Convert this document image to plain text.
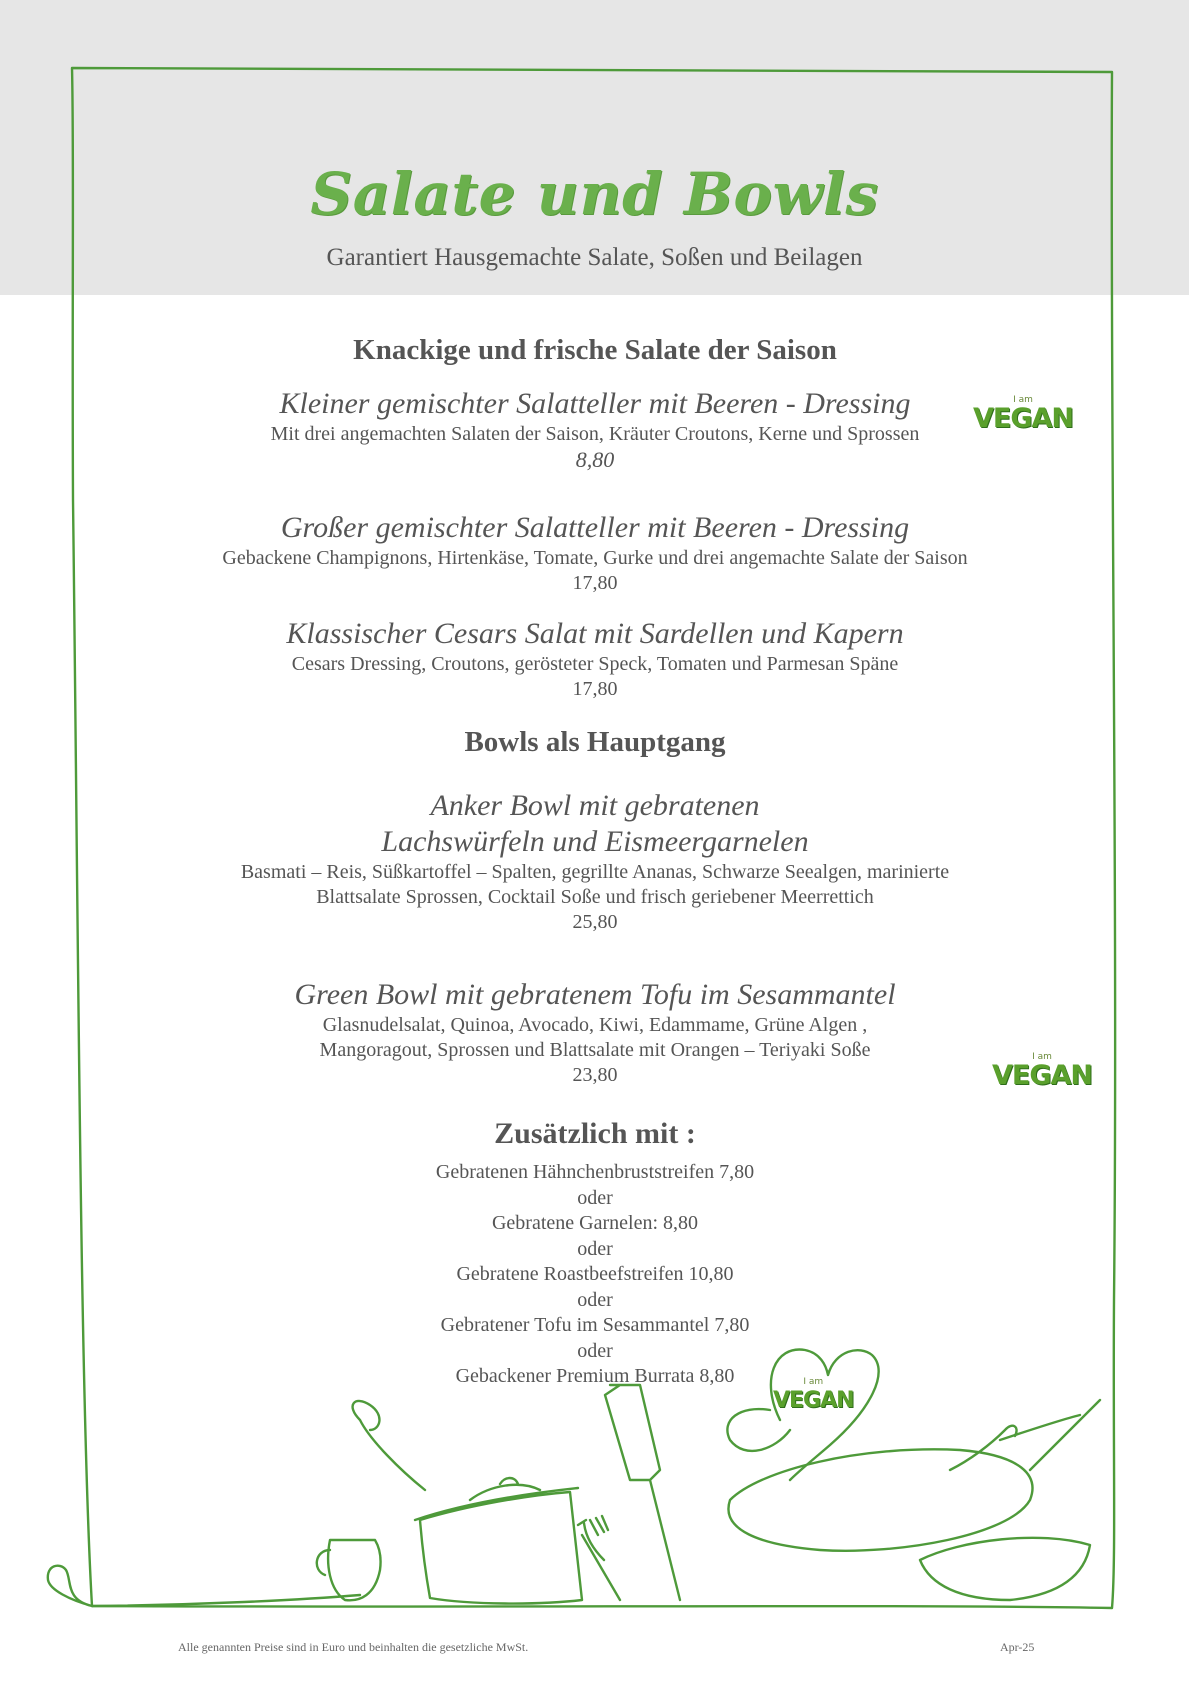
Salate und Bowls
Garantiert Hausgemachte Salate, Soßen und Beilagen
Knackige und frische Salate der Saison
Kleiner gemischter Salatteller mit Beeren - Dressing
Mit drei angemachten Salaten der Saison, Kräuter Croutons, Kerne und Sprossen
8,80
Großer gemischter Salatteller mit Beeren - Dressing
Gebackene Champignons, Hirtenkäse, Tomate, Gurke und drei angemachte Salate der Saison
17,80
Klassischer Cesars Salat mit Sardellen und Kapern
Cesars Dressing, Croutons, gerösteter Speck, Tomaten und Parmesan Späne
17,80
Bowls als Hauptgang
Anker Bowl mit gebratenen Lachswürfeln und Eismeergarnelen
Basmati – Reis, Süßkartoffel – Spalten, gegrillte Ananas, Schwarze Seealgen, marinierte Blattsalate Sprossen, Cocktail Soße und frisch geriebener Meerrettich
25,80
Green Bowl mit gebratenem Tofu im Sesammantel
Glasnudelsalat, Quinoa, Avocado, Kiwi, Edammame, Grüne Algen , Mangoragout, Sprossen und Blattsalate mit Orangen – Teriyaki Soße
23,80
Zusätzlich mit :
Gebratenen Hähnchenbruststreifen 7,80
oder
Gebratene Garnelen: 8,80
oder
Gebratene Roastbeefstreifen 10,80
oder
Gebratener Tofu im Sesammantel 7,80
oder
Gebackener Premium Burrata 8,80
I am
VEGAN
I am
VEGAN
I am
VEGAN
Alle genannten Preise sind in Euro und beinhalten die gesetzliche MwSt.	Apr-25
